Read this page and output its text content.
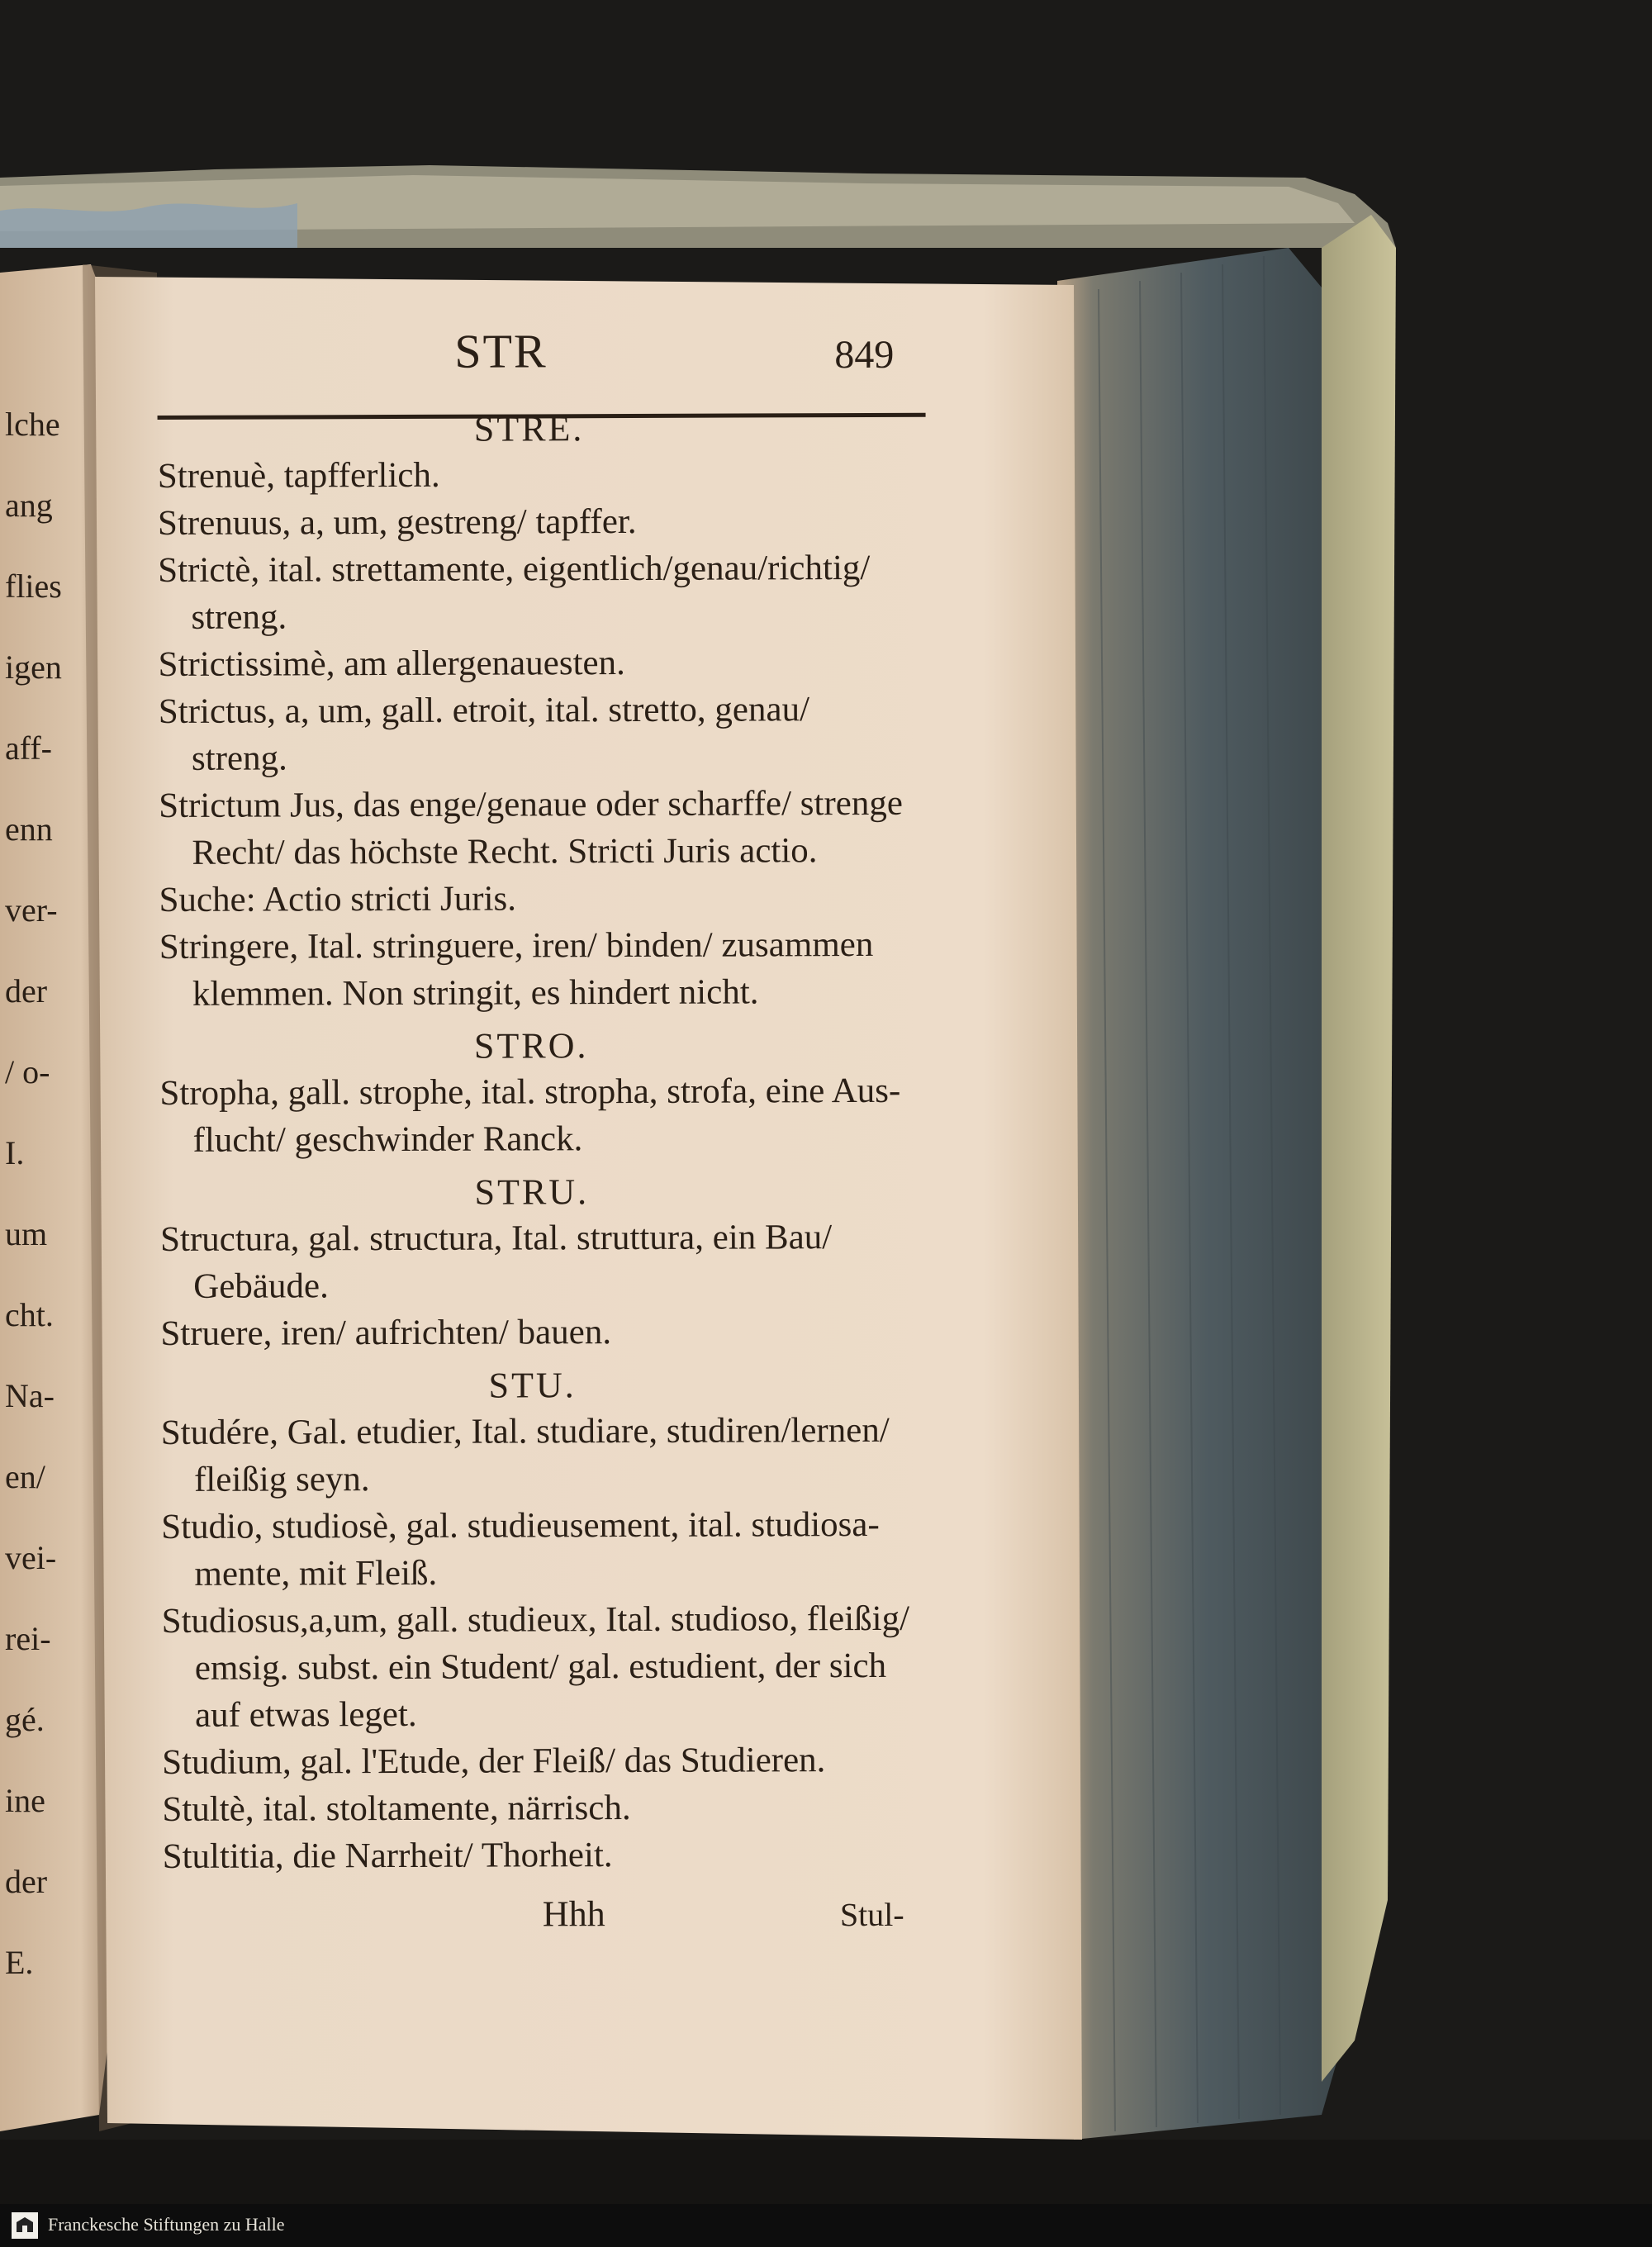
lche
ang
flies
igen
aff-
enn
ver-
der
/ o-
I.
um
cht.
Na-
en/
vei-
rei-
gé.
ine
der
E.
STR	849
STRE.
Strenuè, tapfferlich.
Strenuus, a, um, gestreng/ tapffer.
Strictè, ital. strettamente, eigentlich/genau/richtig/
streng.
Strictissimè, am allergenauesten.
Strictus, a, um, gall. etroit, ital. stretto, genau/
streng.
Strictum Jus, das enge/genaue oder scharffe/ strenge
Recht/ das höchste Recht. Stricti Juris actio.
Suche: Actio stricti Juris.
Stringere, Ital. stringuere, iren/ binden/ zusammen
klemmen. Non stringit, es hindert nicht.
STRO.
Stropha, gall. strophe, ital. stropha, strofa, eine Aus-
flucht/ geschwinder Ranck.
STRU.
Structura, gal. structura, Ital. struttura, ein Bau/
Gebäude.
Struere, iren/ aufrichten/ bauen.
STU.
Studére, Gal. etudier, Ital. studiare, studiren/lernen/
fleißig seyn.
Studio, studiosè, gal. studieusement, ital. studiosa-
mente, mit Fleiß.
Studiosus,a,um, gall. studieux, Ital. studioso, fleißig/
emsig. subst. ein Student/ gal. estudient, der sich
auf etwas leget.
Studium, gal. l'Etude, der Fleiß/ das Studieren.
Stultè, ital. stoltamente, närrisch.
Stultitia, die Narrheit/ Thorheit.
Hhh	Stul-
Franckesche Stiftungen zu Halle
